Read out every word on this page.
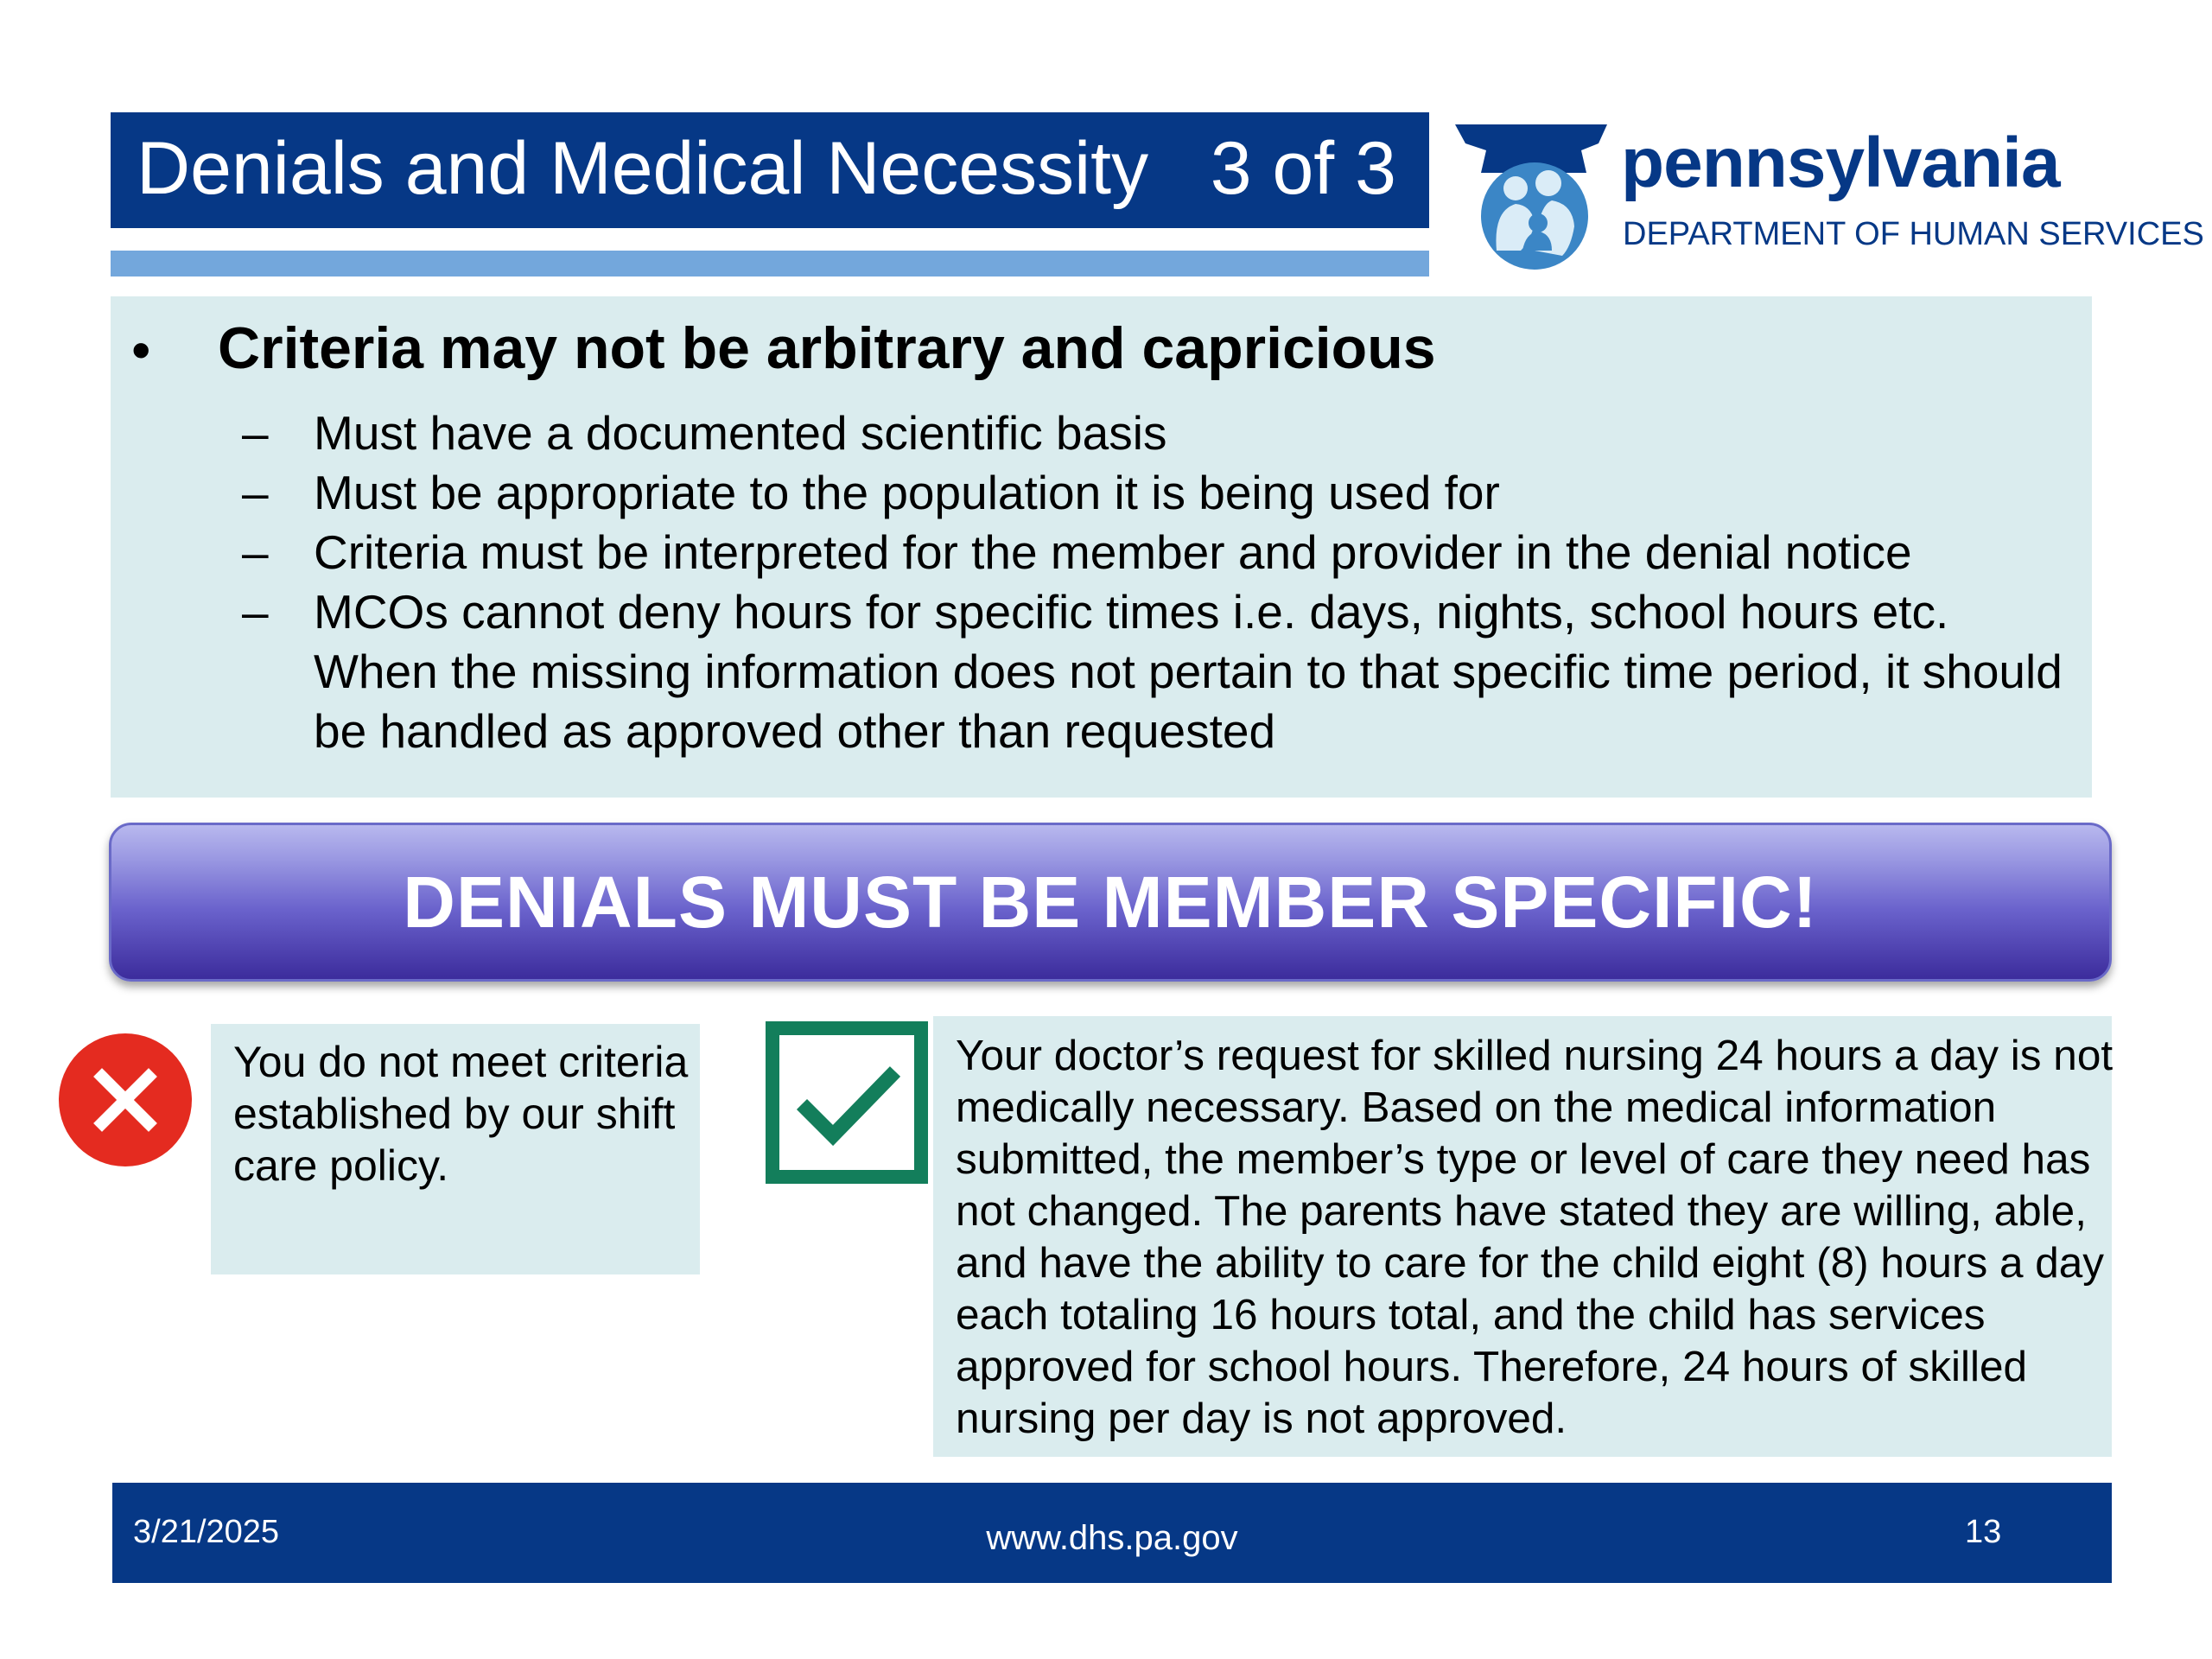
Denials and Medical Necessity   3 of 3	pennsylvania
DEPARTMENT OF HUMAN SERVICES
• Criteria may not be arbitrary and capricious
– Must have a documented scientific basis
– Must be appropriate to the population it is being used for
– Criteria must be interpreted for the member and provider in the denial notice
– MCOs cannot deny hours for specific times i.e. days, nights, school hours etc. When the missing information does not pertain to that specific time period, it should be handled as approved other than requested
DENIALS MUST BE MEMBER SPECIFIC!
You do not meet criteria established by our shift care policy.
Your doctor’s request for skilled nursing 24 hours a day is not medically necessary. Based on the medical information submitted, the member’s type or level of care they need has not changed. The parents have stated they are willing, able, and have the ability to care for the child eight (8) hours a day each totaling 16 hours total, and the child has services approved for school hours. Therefore, 24 hours of skilled nursing per day is not approved.
3/21/2025	www.dhs.pa.gov	13
